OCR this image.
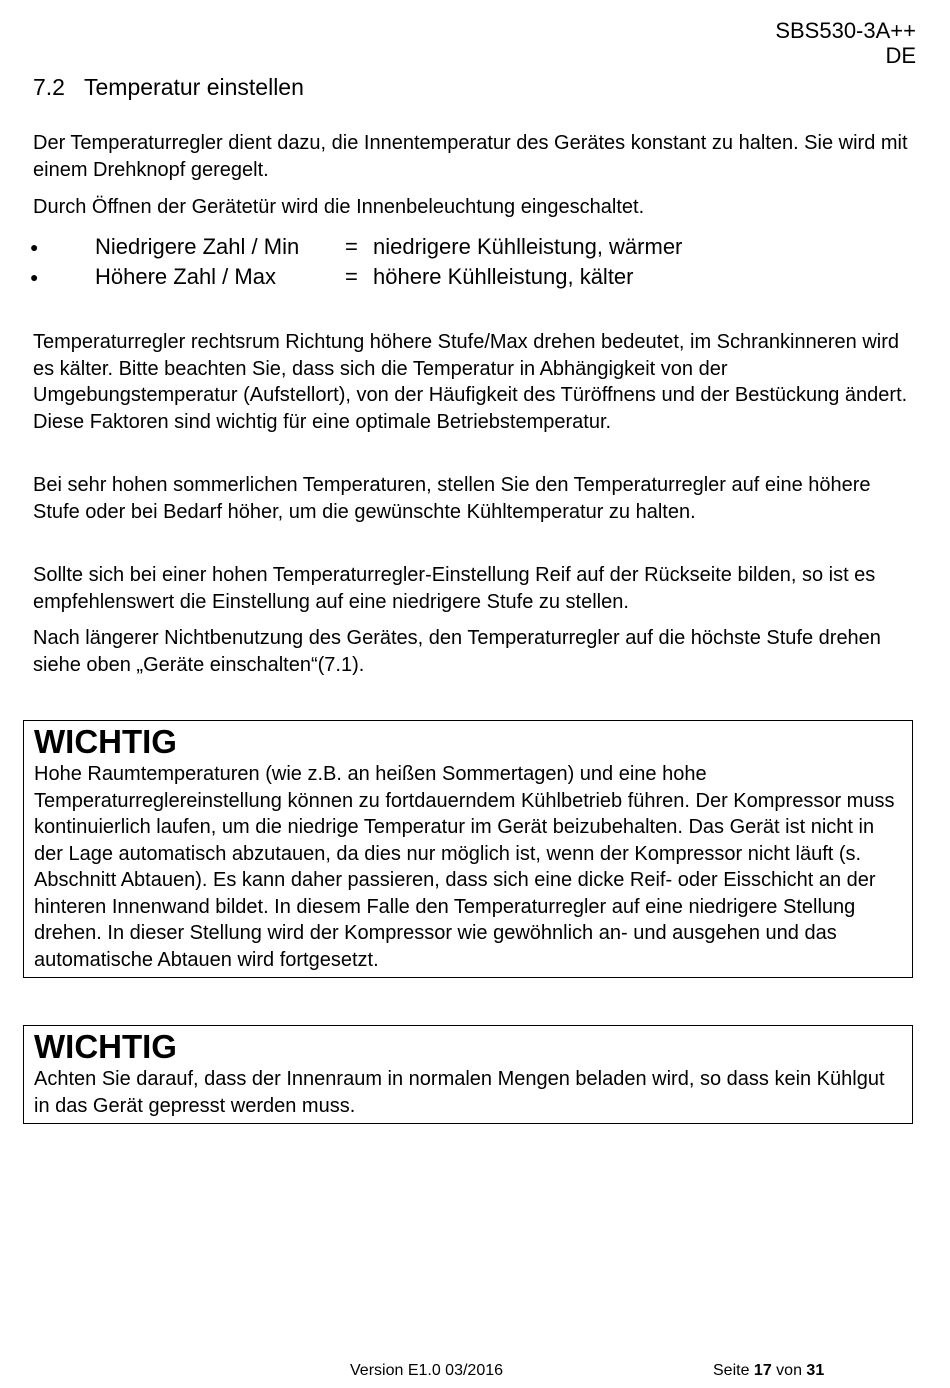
SBS530-3A++
DE
7.2 Temperatur einstellen
Der Temperaturregler dient dazu, die Innentemperatur des Gerätes konstant zu halten. Sie wird mit einem Drehknopf geregelt.
Durch Öffnen der Gerätetür wird die Innenbeleuchtung eingeschaltet.
●	Niedrigere Zahl / Min	= niedrigere Kühlleistung, wärmer
●	Höhere Zahl / Max	= höhere Kühlleistung, kälter
Temperaturregler rechtsrum Richtung höhere Stufe/Max drehen bedeutet, im Schrankinneren wird es kälter. Bitte beachten Sie, dass sich die Temperatur in Abhängigkeit von der Umgebungstemperatur (Aufstellort), von der Häufigkeit des Türöffnens und der Bestückung ändert. Diese Faktoren sind wichtig für eine optimale Betriebstemperatur.
Bei sehr hohen sommerlichen Temperaturen, stellen Sie den Temperaturregler auf eine höhere Stufe oder bei Bedarf höher, um die gewünschte Kühltemperatur zu halten.
Sollte sich bei einer hohen Temperaturregler-Einstellung Reif auf der Rückseite bilden, so ist es empfehlenswert die Einstellung auf eine niedrigere Stufe zu stellen.
Nach längerer Nichtbenutzung des Gerätes, den Temperaturregler auf die höchste Stufe drehen siehe oben „Geräte einschalten“(7.1).
WICHTIG
Hohe Raumtemperaturen (wie z.B. an heißen Sommertagen) und eine hohe Temperaturreglereinstellung können zu fortdauerndem Kühlbetrieb führen. Der Kompressor muss kontinuierlich laufen, um die niedrige Temperatur im Gerät beizubehalten. Das Gerät ist nicht in der Lage automatisch abzutauen, da dies nur möglich ist, wenn der Kompressor nicht läuft (s. Abschnitt Abtauen). Es kann daher passieren, dass sich eine dicke Reif- oder Eisschicht an der hinteren Innenwand bildet. In diesem Falle den Temperaturregler auf eine niedrigere Stellung drehen. In dieser Stellung wird der Kompressor wie gewöhnlich an- und ausgehen und das automatische Abtauen wird fortgesetzt.
WICHTIG
Achten Sie darauf, dass der Innenraum in normalen Mengen beladen wird, so dass kein Kühlgut in das Gerät gepresst werden muss.
Version E1.0 03/2016	Seite 17 von 31
